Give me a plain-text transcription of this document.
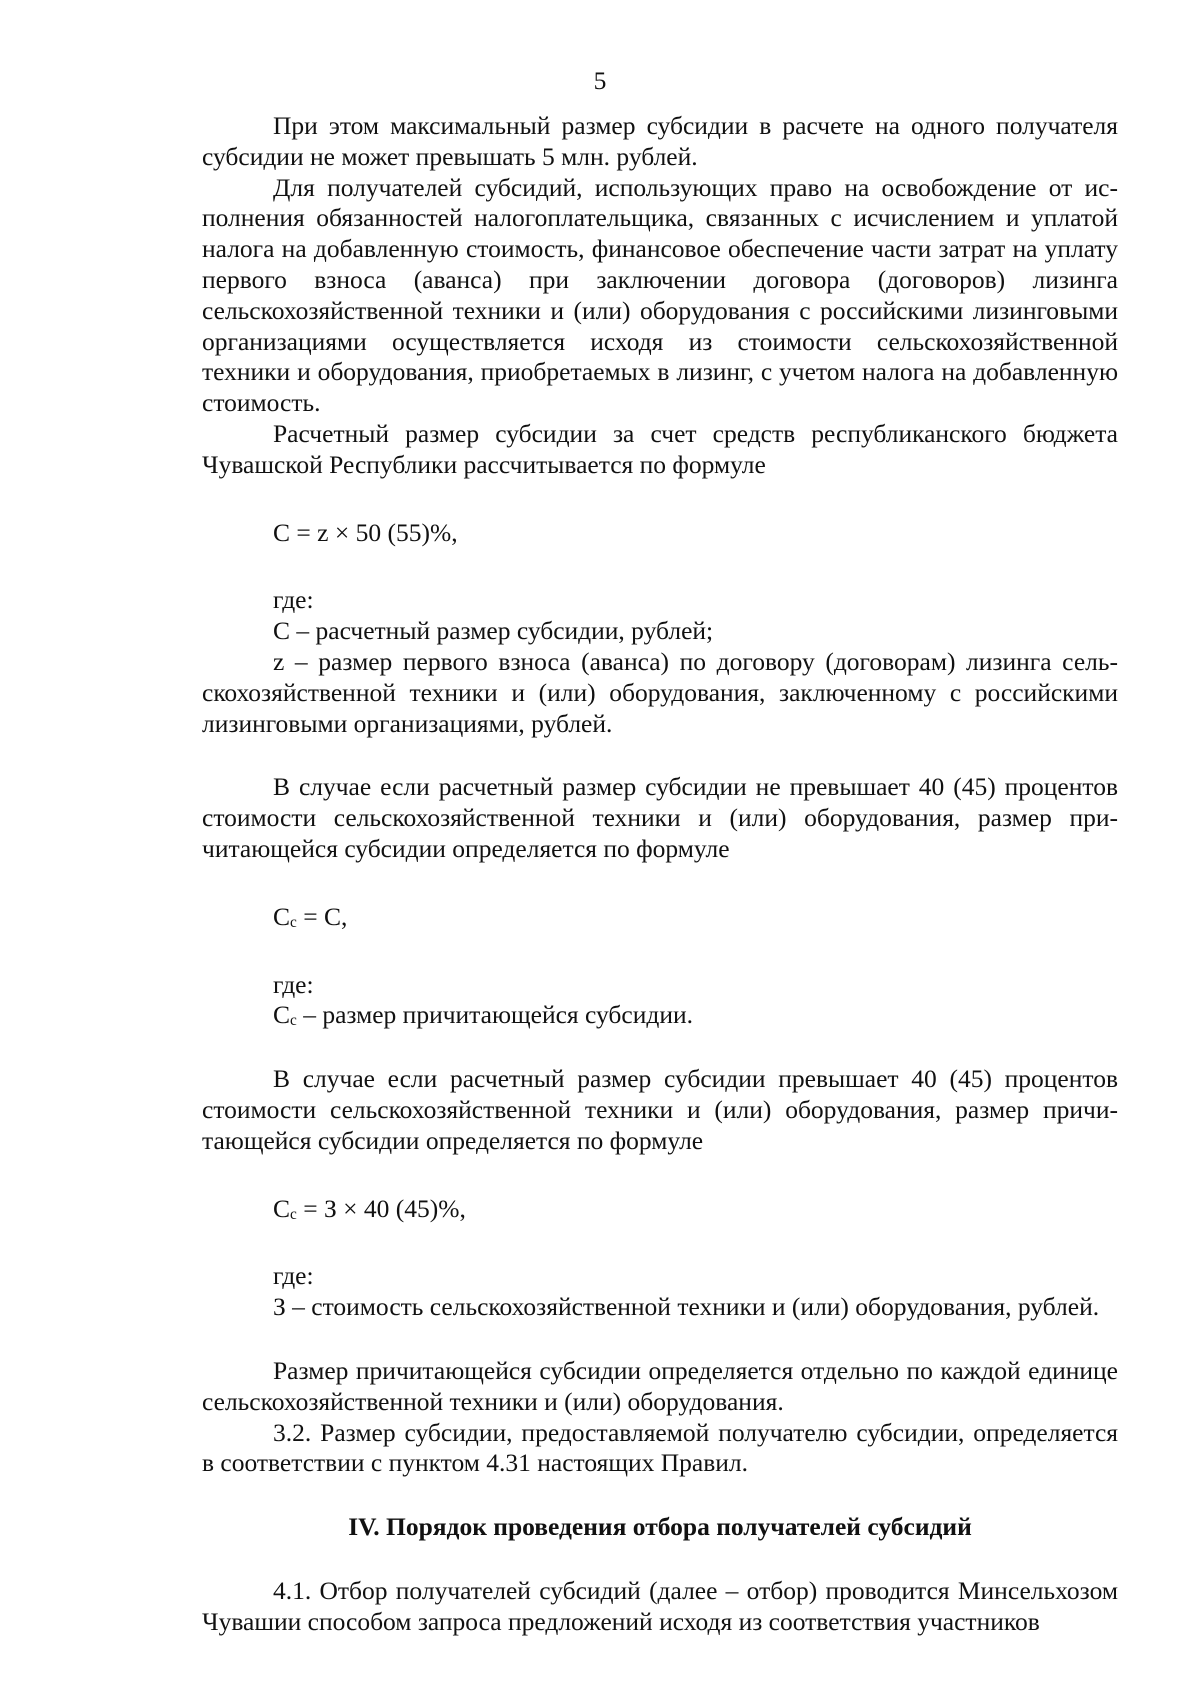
5

При этом максимальный размер субсидии в расчете на одного получателя субсидии не может превышать 5 млн. рублей.

Для получателей субсидий, использующих право на освобождение от исполнения обязанностей налогоплательщика, связанных с исчислением и уплатой налога на добавленную стоимость, финансовое обеспечение части затрат на уплату первого взноса (аванса) при заключении договора (договоров) лизинга сельскохозяйственной техники и (или) оборудования с российскими лизинговыми организациями осуществляется исходя из стоимости сельскохозяйственной техники и оборудования, приобретаемых в лизинг, с учетом налога на добавленную стоимость.

Расчетный размер субсидии за счет средств республиканского бюджета Чувашской Республики рассчитывается по формуле

С = z × 50 (55)%,

где:

С – расчетный размер субсидии, рублей;

z – размер первого взноса (аванса) по договору (договорам) лизинга сельскохозяйственной техники и (или) оборудования, заключенному с российскими лизинговыми организациями, рублей.

В случае если расчетный размер субсидии не превышает 40 (45) процентов стоимости сельскохозяйственной техники и (или) оборудования, размер причитающейся субсидии определяется по формуле

$С_с = С$,

где:

$С_с$ – размер причитающейся субсидии.

В случае если расчетный размер субсидии превышает 40 (45) процентов стоимости сельскохозяйственной техники и (или) оборудования, размер причитающейся субсидии определяется по формуле

$С_с = З \times 40$ (45)%,

где:

З – стоимость сельскохозяйственной техники и (или) оборудования, рублей.

Размер причитающейся субсидии определяется отдельно по каждой единице сельскохозяйственной техники и (или) оборудования.

3.2. Размер субсидии, предоставляемой получателю субсидии, определяется в соответствии с пунктом 4.31 настоящих Правил.

IV. Порядок проведения отбора получателей субсидий

4.1. Отбор получателей субсидий (далее – отбор) проводится Минсельхозом Чувашии способом запроса предложений исходя из соответствия участников
